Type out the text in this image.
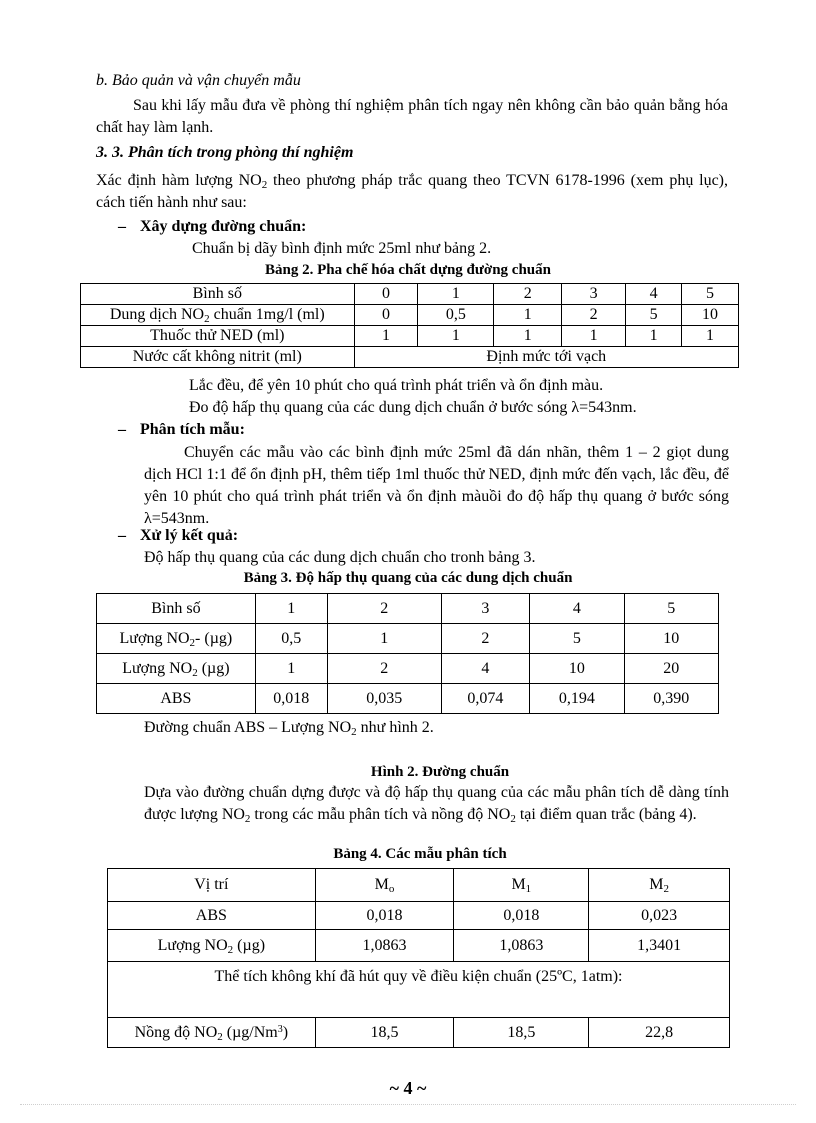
b. Bảo quản và vận chuyển mẫu
Sau khi lấy mẫu đưa về phòng thí nghiệm phân tích ngay nên không cần bảo quản bằng hóa chất hay làm lạnh.
3. 3. Phân tích trong phòng thí nghiệm
Xác định hàm lượng $NO_2$ theo phương pháp trắc quang theo TCVN 6178-1996 (xem phụ lục), cách tiến hành như sau:
– Xây dựng đường chuẩn:
Chuẩn bị dãy bình định mức 25ml như bảng 2.
Bảng 2. Pha chế hóa chất dựng đường chuẩn
Bình số	0	1	2	3	4	5
Dung dịch $NO_2$ chuẩn 1mg/l (ml)	0	0,5	1	2	5	10
Thuốc thử NED (ml)	1	1	1	1	1	1
Nước cất không nitrit (ml)	Định mức tới vạch					
Lắc đều, để yên 10 phút cho quá trình phát triển và ổn định màu.
Đo độ hấp thụ quang của các dung dịch chuẩn ở bước sóng λ=543nm.
– Phân tích mẫu:
Chuyển các mẫu vào các bình định mức 25ml đã dán nhãn, thêm 1 – 2 giọt dung dịch HCl 1:1 để ổn định pH, thêm tiếp 1ml thuốc thử NED, định mức đến vạch, lắc đều, để yên 10 phút cho quá trình phát triển và ổn định màuồi đo độ hấp thụ quang ở bước sóng λ=543nm.
– Xử lý kết quả:
Độ hấp thụ quang của các dung dịch chuẩn cho tronh bảng 3.
Bảng 3. Độ hấp thụ quang của các dung dịch chuẩn
Bình số	1	2	3	4	5
Lượng $NO_2-$ (µg)	0,5	1	2	5	10
Lượng $NO_2$ (µg)	1	2	4	10	20
ABS	0,018	0,035	0,074	0,194	0,390
Đường chuẩn ABS – Lượng $NO_2$ như hình 2.
Hình 2. Đường chuẩn
Dựa vào đường chuẩn dựng được và độ hấp thụ quang của các mẫu phân tích dễ dàng tính được lượng $NO_2$ trong các mẫu phân tích và nồng độ $NO_2$ tại điểm quan trắc (bảng 4).
Bảng 4. Các mẫu phân tích
Vị trí	$M_o$	$M_1$	$M_2$
ABS	0,018	0,018	0,023
Lượng $NO_2$ (µg)	1,0863	1,0863	1,3401
Thể tích không khí đã hút quy về điều kiện chuẩn (25ºC, 1atm):			
Nồng độ $NO_2$ (µg/Nm$^3$)	18,5	18,5	22,8
~ 4 ~
